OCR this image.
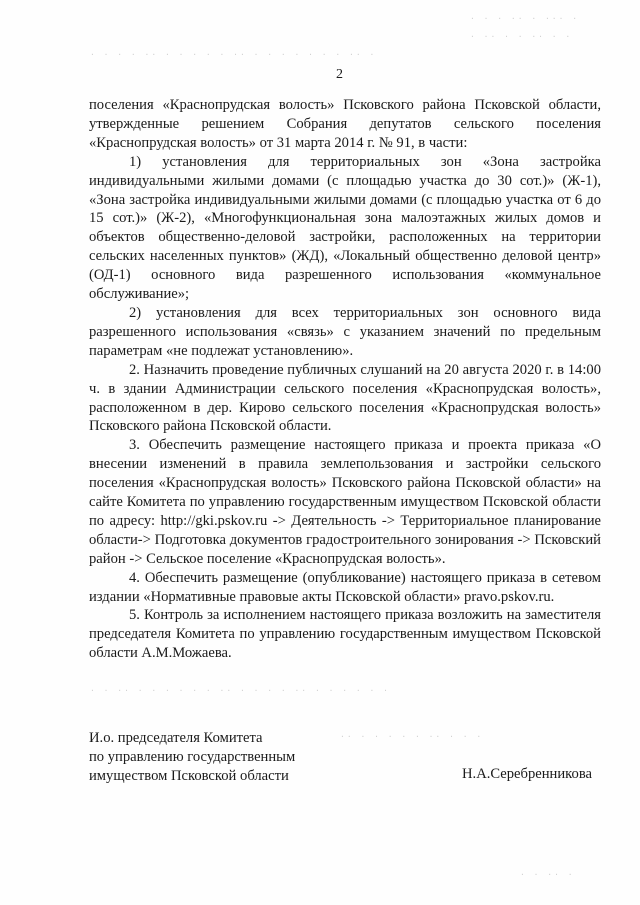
· · · ·· · ··· ·
· ·· · · ·· · ·
· · · · ·· · · · · · ·· · · · · · · · ·· ·
· · ·· · · · · · · ·· · · · · ·· · · · · · ·
·· · · · · · ·· · · ·
· · ·· ·
2

поселения «Краснопрудская волость» Псковского района Псковской области, утвержденные решением Собрания депутатов сельского поселения «Краснопрудская волость» от 31 марта 2014 г. № 91, в части:

1) установления для территориальных зон «Зона застройка индивидуальными жилыми домами (с площадью участка до 30 сот.)» (Ж-1), «Зона застройка индивидуальными жилыми домами (с площадью участка от 6 до 15 сот.)» (Ж-2), «Многофункциональная зона малоэтажных жилых домов и объектов общественно-деловой застройки, расположенных на территории сельских населенных пунктов» (ЖД), «Локальный общественно деловой центр» (ОД-1) основного вида разрешенного использования «коммунальное обслуживание»;

2) установления для всех территориальных зон основного вида разрешенного использования «связь» с указанием значений по предельным параметрам «не подлежат установлению».

2. Назначить проведение публичных слушаний на 20 августа 2020 г. в 14:00 ч. в здании Администрации сельского поселения «Краснопрудская волость», расположенном в дер. Кирово сельского поселения «Краснопрудская волость» Псковского района Псковской области.

3. Обеспечить размещение настоящего приказа и проекта приказа «О внесении изменений в правила землепользования и застройки сельского поселения «Краснопрудская волость» Псковского района Псковской области» на сайте Комитета по управлению государственным имуществом Псковской области по адресу: http://gki.pskov.ru -> Деятельность -> Территориальное планирование области-> Подготовка документов градостроительного зонирования -> Псковский район -> Сельское поселение «Краснопрудская волость».

4. Обеспечить размещение (опубликование) настоящего приказа в сетевом издании «Нормативные правовые акты Псковской области» pravo.pskov.ru.

5. Контроль за исполнением настоящего приказа возложить на заместителя председателя Комитета по управлению государственным имуществом Псковской области А.М.Можаева.

И.о. председателя Комитета
по управлению государственным
имуществом Псковской области	Н.А.Серебренникова
